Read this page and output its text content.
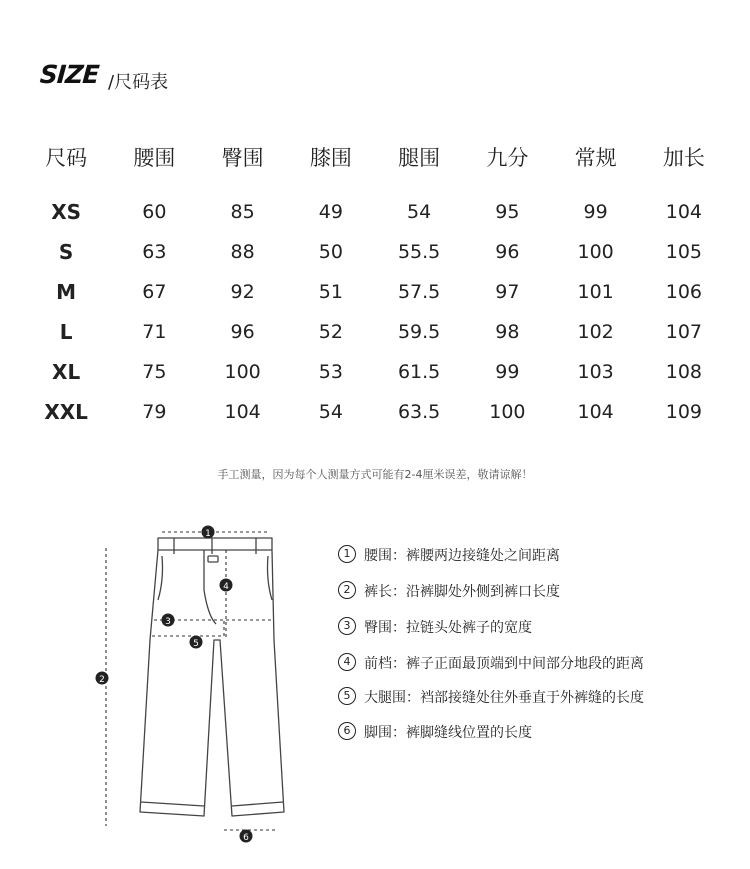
SIZE /尺码表
尺码	腰围	臀围	膝围	腿围	九分	常规	加长
XS	60	85	49	54	95	99	104
S	63	88	50	55.5	96	100	105
M	67	92	51	57.5	97	101	106
L	71	96	52	59.5	98	102	107
XL	75	100	53	61.5	99	103	108
XXL	79	104	54	63.5	100	104	109
手工测量，因为每个人测量方式可能有2-4厘米误差，敬请谅解！
1
2
3
4
5
6
1 腰围：裤腰两边接缝处之间距离
2 裤长：沿裤脚处外侧到裤口长度
3 臀围：拉链头处裤子的宽度
4 前档：裤子正面最顶端到中间部分地段的距离
5 大腿围：裆部接缝处往外垂直于外裤缝的长度
6 脚围：裤脚缝线位置的长度
